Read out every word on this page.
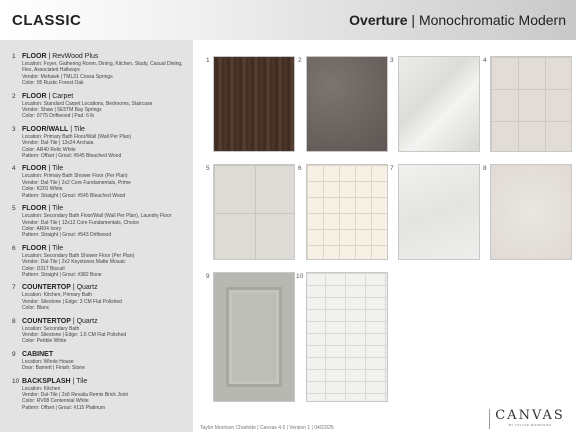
CLASSIC	Overture | Monochromatic Modern
1 FLOOR | RevWood Plus
Location: Foyer, Gathering Room, Dining, Kitchen, Study, Casual Dining, Flex, Associated Hallways
Vendor: Mohawk | TML31 Cossa Springs
Color: 05 Rustic Forest Oak
2 FLOOR | Carpet
Location: Standard Carpet Locations, Bedrooms, Staircase
Vendor: Shaw | 5E5TM Bay Springs
Color: 0775 Driftwood | Pad: 6 lb
3 FLOOR/WALL | Tile
Location: Primary Bath Floor/Wall (Wall Per Plan)
Vendor: Dal-Tile | 12x24 Archaia
Color: AR40 Relic White
Pattern: Offset | Grout: #545 Bleached Wood
4 FLOOR | Tile
Location: Primary Bath Shower Floor (Per Plan)
Vendor: Dal-Tile | 2x2 Core Fundamentals, Prime
Color: K201 White
Pattern: Straight | Grout: #545 Bleached Wood
5 FLOOR | Tile
Location: Secondary Bath Floor/Wall (Wall Per Plan), Laundry Floor
Vendor: Dal-Tile | 12x12 Core Fundamentals, Choice
Color: AR04 Ivory
Pattern: Straight | Grout: #543 Driftwood
6 FLOOR | Tile
Location: Secondary Bath Shower Floor (Per Plan)
Vendor: Dal-Tile | 2x2 Keystones Matte Mosaic
Color: D317 Biscuit
Pattern: Straight | Grout: #382 Bone
7 COUNTERTOP | Quartz
Location: Kitchen, Primary Bath
Vendor: Silestone | Edge: 3 CM Flat Polished
Color: Blanc
8 COUNTERTOP | Quartz
Location: Secondary Bath
Vendor: Silestone | Edge: 1.6 CM Flat Polished
Color: Pebble White
9 CABINET
Location: Whole House
Door: Barnett | Finish: Stone
10 BACKSPLASH | Tile
Location: Kitchen
Vendor: Dal-Tile | 2x6 Revalia Remix Brick Joint
Color: RV08 Centennial White
Pattern: Offset | Grout: #115 Platinum
1	2	3	4
5	6	7	8
9	10
Taylor Morrison Charlotte | Canvas 4.0 | Version 1 | 04/22/25
CANVAS
BY TAYLOR MORRISON
